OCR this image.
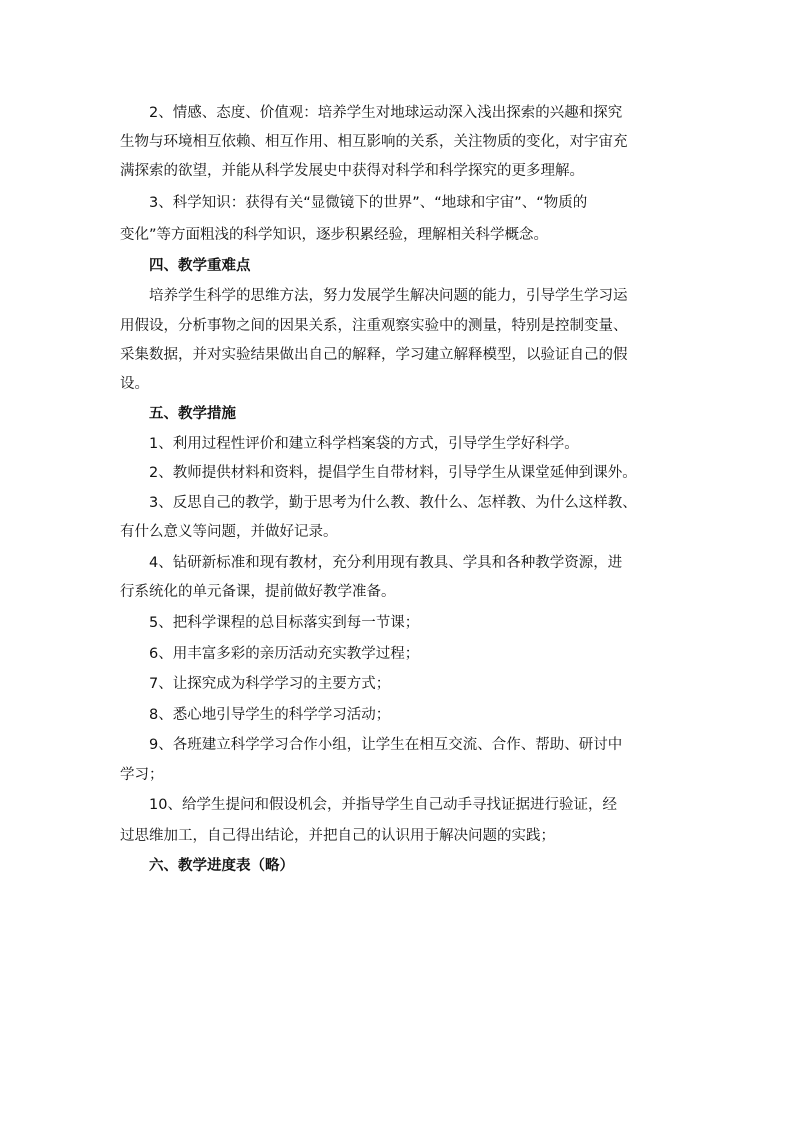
2、情感、态度、价值观：培养学生对地球运动深入浅出探索的兴趣和探究
生物与环境相互依赖、相互作用、相互影响的关系，关注物质的变化，对宇宙充
满探索的欲望，并能从科学发展史中获得对科学和科学探究的更多理解。
3、科学知识：获得有关“显微镜下的世界”、“地球和宇宙”、“物质的
变化”等方面粗浅的科学知识，逐步积累经验，理解相关科学概念。
四、教学重难点
培养学生科学的思维方法，努力发展学生解决问题的能力，引导学生学习运
用假设，分析事物之间的因果关系，注重观察实验中的测量，特别是控制变量、
采集数据，并对实验结果做出自己的解释，学习建立解释模型，以验证自己的假
设。
五、教学措施
1、利用过程性评价和建立科学档案袋的方式，引导学生学好科学。
2、教师提供材料和资料，提倡学生自带材料，引导学生从课堂延伸到课外。
3、反思自己的教学，勤于思考为什么教、教什么、怎样教、为什么这样教、
有什么意义等问题，并做好记录。
4、钻研新标准和现有教材，充分利用现有教具、学具和各种教学资源，进
行系统化的单元备课，提前做好教学准备。
5、把科学课程的总目标落实到每一节课；
6、用丰富多彩的亲历活动充实教学过程；
7、让探究成为科学学习的主要方式；
8、悉心地引导学生的科学学习活动；
9、各班建立科学学习合作小组，让学生在相互交流、合作、帮助、研讨中
学习；
10、给学生提问和假设机会，并指导学生自己动手寻找证据进行验证，经
过思维加工，自己得出结论，并把自己的认识用于解决问题的实践；
六、教学进度表（略）
